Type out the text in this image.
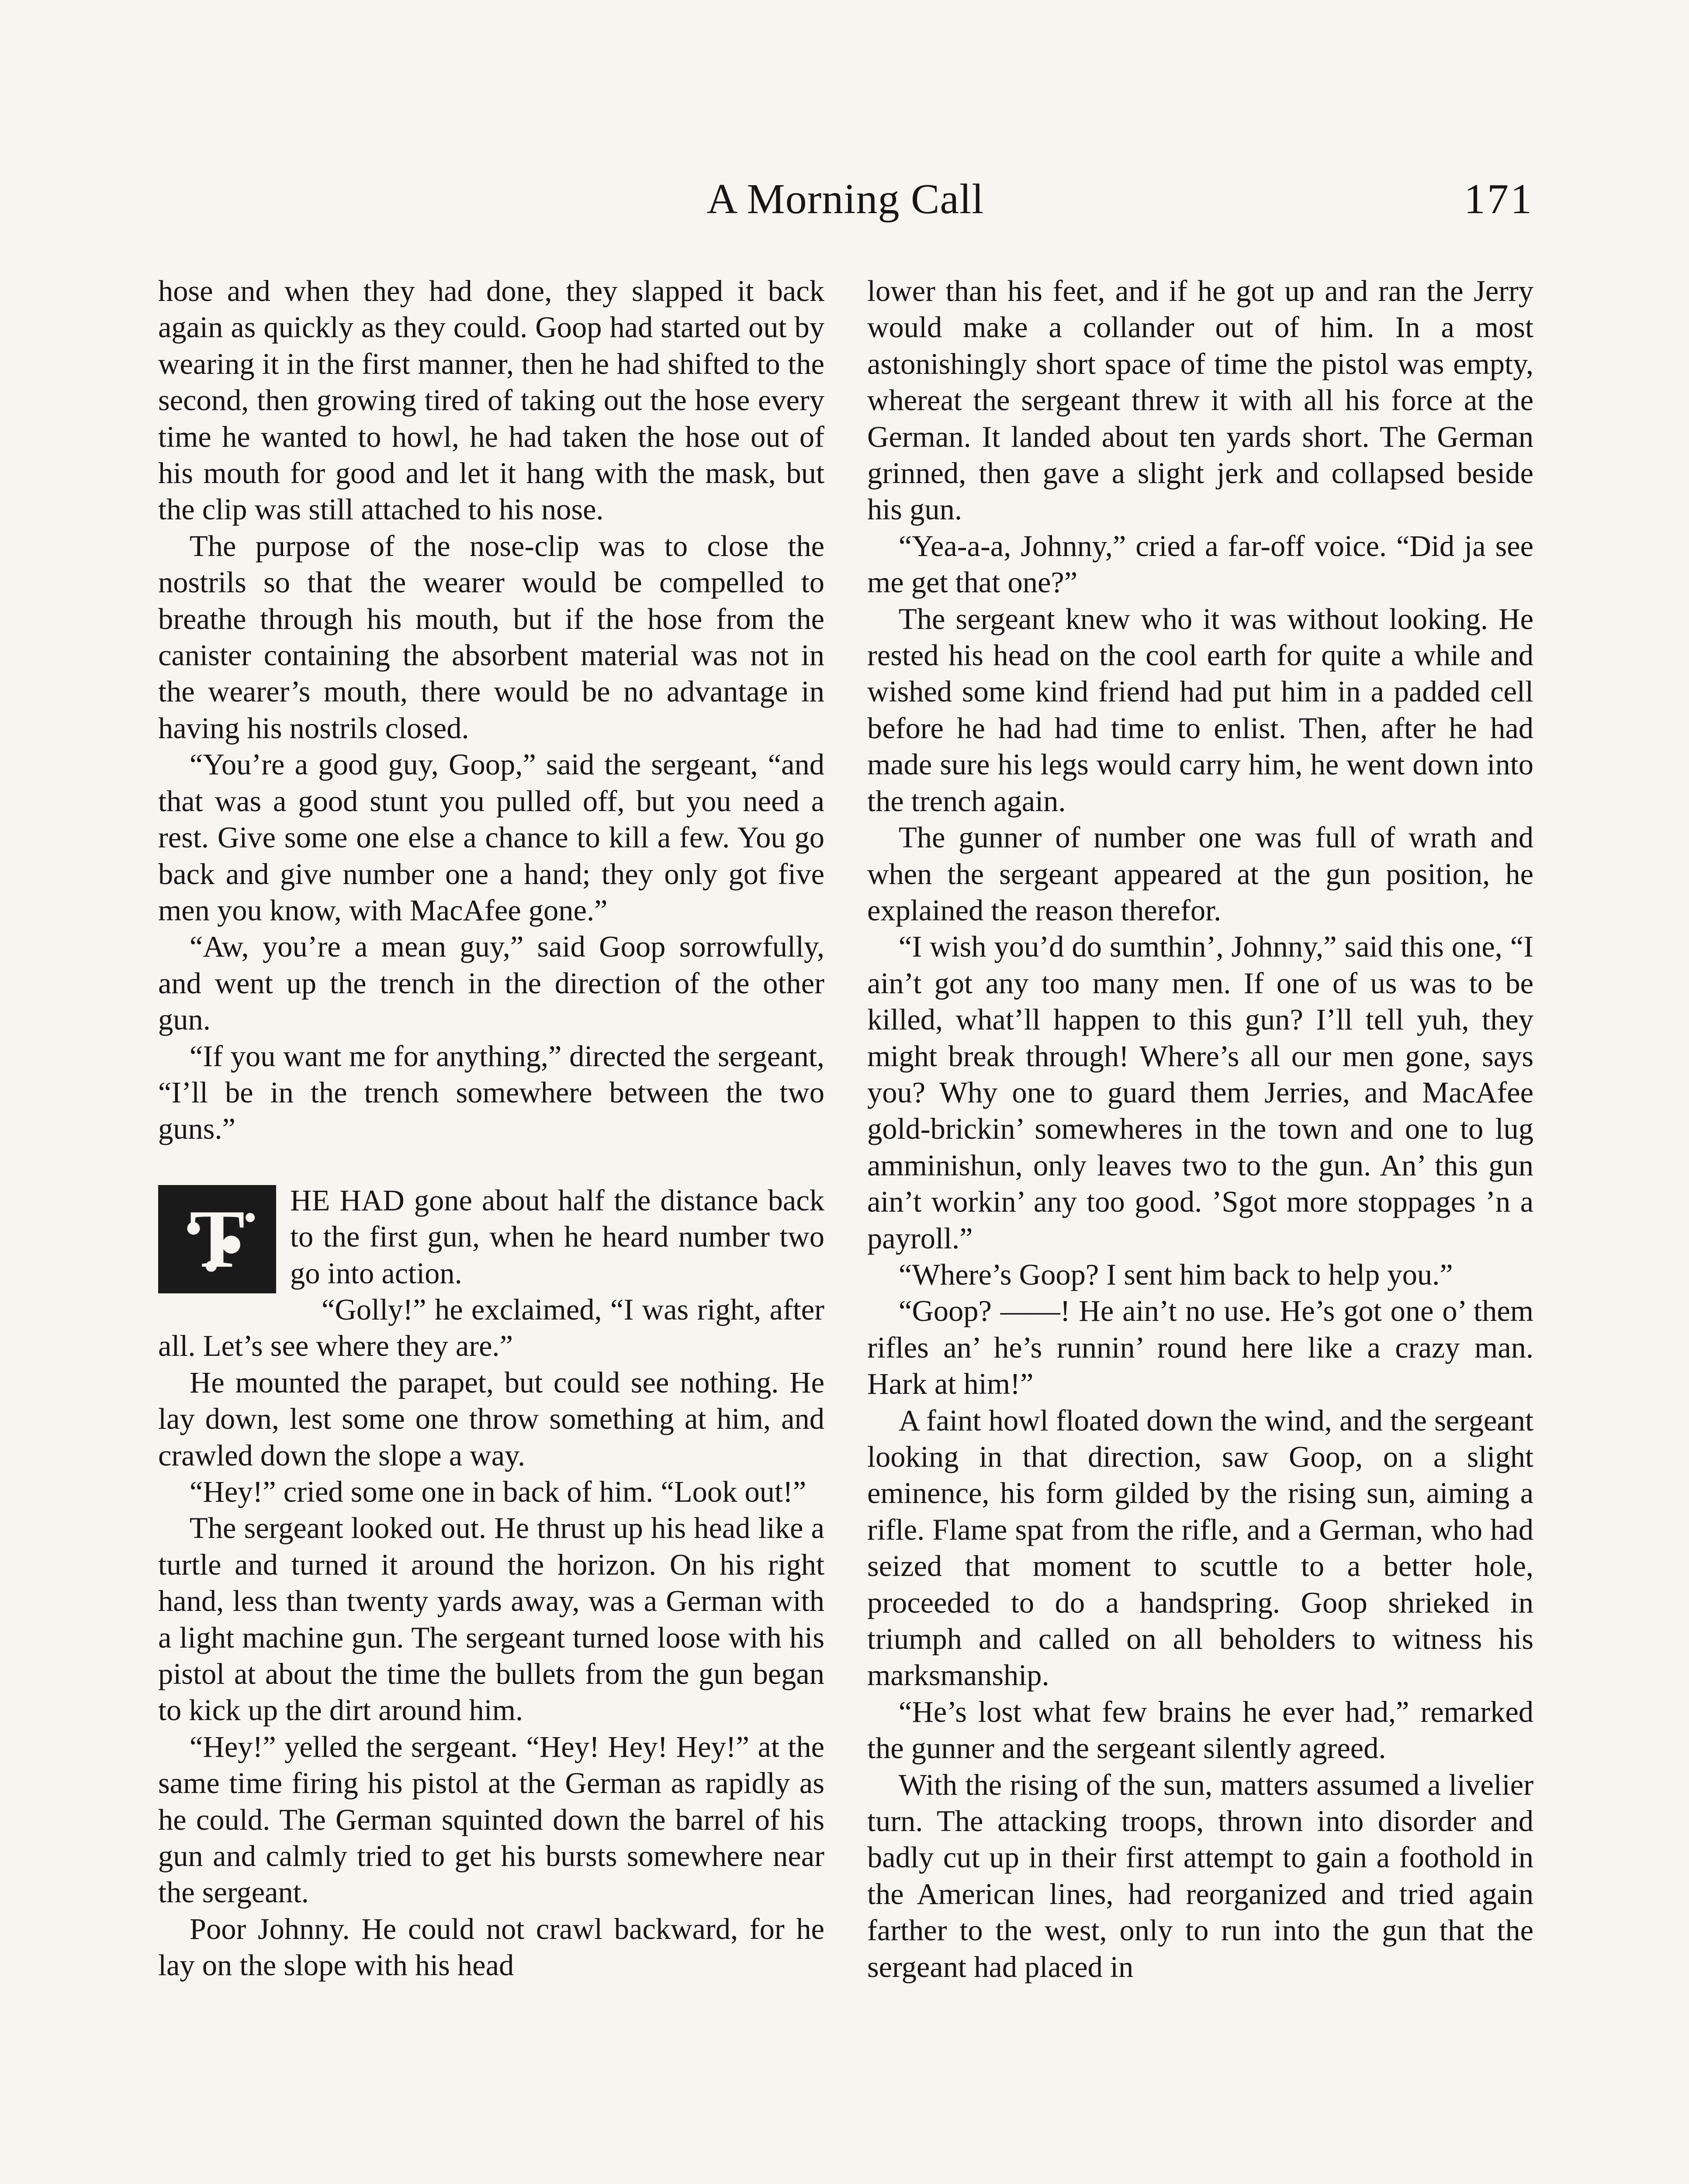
A Morning Call	171

hose and when they had done, they slapped it back again as quickly as they could. Goop had started out by wearing it in the first manner, then he had shifted to the second, then growing tired of taking out the hose every time he wanted to howl, he had taken the hose out of his mouth for good and let it hang with the mask, but the clip was still attached to his nose.

The purpose of the nose-clip was to close the nostrils so that the wearer would be compelled to breathe through his mouth, but if the hose from the canister containing the absorbent material was not in the wearer’s mouth, there would be no advantage in having his nostrils closed.

“You’re a good guy, Goop,” said the sergeant, “and that was a good stunt you pulled off, but you need a rest. Give some one else a chance to kill a few. You go back and give number one a hand; they only got five men you know, with MacAfee gone.”

“Aw, you’re a mean guy,” said Goop sorrowfully, and went up the trench in the direction of the other gun.

“If you want me for anything,” directed the sergeant, “I’ll be in the trench somewhere between the two guns.”

T	HE HAD gone about half the distance back to the first gun, when he heard number two go into action.

“Golly!” he exclaimed, “I was right, after all. Let’s see where they are.”

He mounted the parapet, but could see nothing. He lay down, lest some one throw something at him, and crawled down the slope a way.

“Hey!” cried some one in back of him. “Look out!”

The sergeant looked out. He thrust up his head like a turtle and turned it around the horizon. On his right hand, less than twenty yards away, was a German with a light machine gun. The sergeant turned loose with his pistol at about the time the bullets from the gun began to kick up the dirt around him.

“Hey!” yelled the sergeant. “Hey! Hey! Hey!” at the same time firing his pistol at the German as rapidly as he could. The German squinted down the barrel of his gun and calmly tried to get his bursts somewhere near the sergeant.

Poor Johnny. He could not crawl backward, for he lay on the slope with his head

lower than his feet, and if he got up and ran the Jerry would make a collander out of him. In a most astonishingly short space of time the pistol was empty, whereat the sergeant threw it with all his force at the German. It landed about ten yards short. The German grinned, then gave a slight jerk and collapsed beside his gun.

“Yea-a-a, Johnny,” cried a far-off voice. “Did ja see me get that one?”

The sergeant knew who it was without looking. He rested his head on the cool earth for quite a while and wished some kind friend had put him in a padded cell before he had had time to enlist. Then, after he had made sure his legs would carry him, he went down into the trench again.

The gunner of number one was full of wrath and when the sergeant appeared at the gun position, he explained the reason therefor.

“I wish you’d do sumthin’, Johnny,” said this one, “I ain’t got any too many men. If one of us was to be killed, what’ll happen to this gun? I’ll tell yuh, they might break through! Where’s all our men gone, says you? Why one to guard them Jerries, and MacAfee gold-brickin’ somewheres in the town and one to lug amminishun, only leaves two to the gun. An’ this gun ain’t workin’ any too good. ’Sgot more stoppages ’n a payroll.”

“Where’s Goop? I sent him back to help you.”

“Goop? ——! He ain’t no use. He’s got one o’ them rifles an’ he’s runnin’ round here like a crazy man. Hark at him!”

A faint howl floated down the wind, and the sergeant looking in that direction, saw Goop, on a slight eminence, his form gilded by the rising sun, aiming a rifle. Flame spat from the rifle, and a German, who had seized that moment to scuttle to a better hole, proceeded to do a handspring. Goop shrieked in triumph and called on all beholders to witness his marksmanship.

“He’s lost what few brains he ever had,” remarked the gunner and the sergeant silently agreed.

With the rising of the sun, matters assumed a livelier turn. The attacking troops, thrown into disorder and badly cut up in their first attempt to gain a foothold in the American lines, had reorganized and tried again farther to the west, only to run into the gun that the sergeant had placed in
